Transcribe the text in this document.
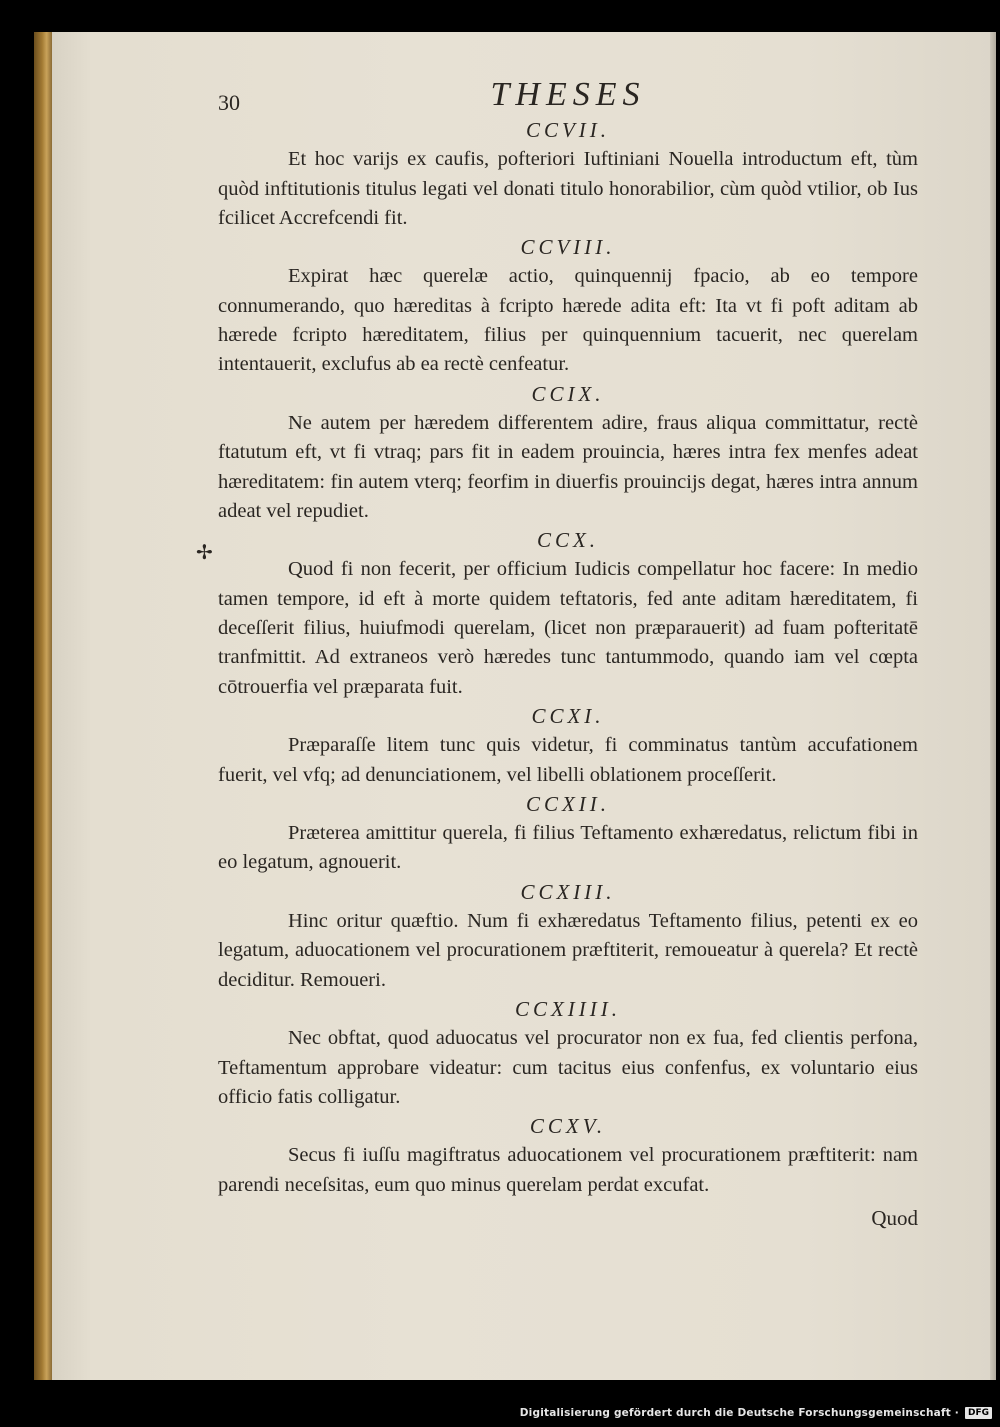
✢
30	THESES
CCVII.

Et hoc varijs ex caufis, pofteriori Iuftiniani Nouella introductum eft, tùm quòd inftitutionis titulus legati vel donati titulo honorabilior, cùm quòd vtilior, ob Ius fcilicet Accrefcendi fit.

CCVIII.

Expirat hæc querelæ actio, quinquennij fpacio, ab eo tempore connumerando, quo hæreditas à fcripto hærede adita eft: Ita vt fi poft aditam ab hærede fcripto hæreditatem, filius per quinquennium tacuerit, nec querelam intentauerit, exclufus ab ea rectè cenfeatur.

CCIX.

Ne autem per hæredem differentem adire, fraus aliqua committatur, rectè ftatutum eft, vt fi vtraq; pars fit in eadem prouincia, hæres intra fex menfes adeat hæreditatem: fin autem vterq; feorfim in diuerfis prouincijs degat, hæres intra annum adeat vel repudiet.

CCX.

Quod fi non fecerit, per officium Iudicis compellatur hoc facere: In medio tamen tempore, id eft à morte quidem teftatoris, fed ante aditam hæreditatem, fi deceſſerit filius, huiufmodi querelam, (licet non præparauerit) ad fuam pofteritatē tranfmittit. Ad extraneos verò hæredes tunc tantummodo, quando iam vel cœpta cōtrouerfia vel præparata fuit.

CCXI.

Præparaſſe litem tunc quis videtur, fi comminatus tantùm accufationem fuerit, vel vfq; ad denunciationem, vel libelli oblationem proceſſerit.

CCXII.

Præterea amittitur querela, fi filius Teftamento exhæredatus, relictum fibi in eo legatum, agnouerit.

CCXIII.

Hinc oritur quæftio. Num fi exhæredatus Teftamento filius, petenti ex eo legatum, aduocationem vel procurationem præftiterit, remoueatur à querela? Et rectè deciditur. Remoueri.

CCXIIII.

Nec obftat, quod aduocatus vel procurator non ex fua, fed clientis perfona, Teftamentum approbare videatur: cum tacitus eius confenfus, ex voluntario eius officio fatis colligatur.

CCXV.

Secus fi iuſſu magiftratus aduocationem vel procurationem præftiterit: nam parendi neceſsitas, eum quo minus querelam perdat excufat.

Quod
Digitalisierung gefördert durch die Deutsche Forschungsgemeinschaft ·	DFG
